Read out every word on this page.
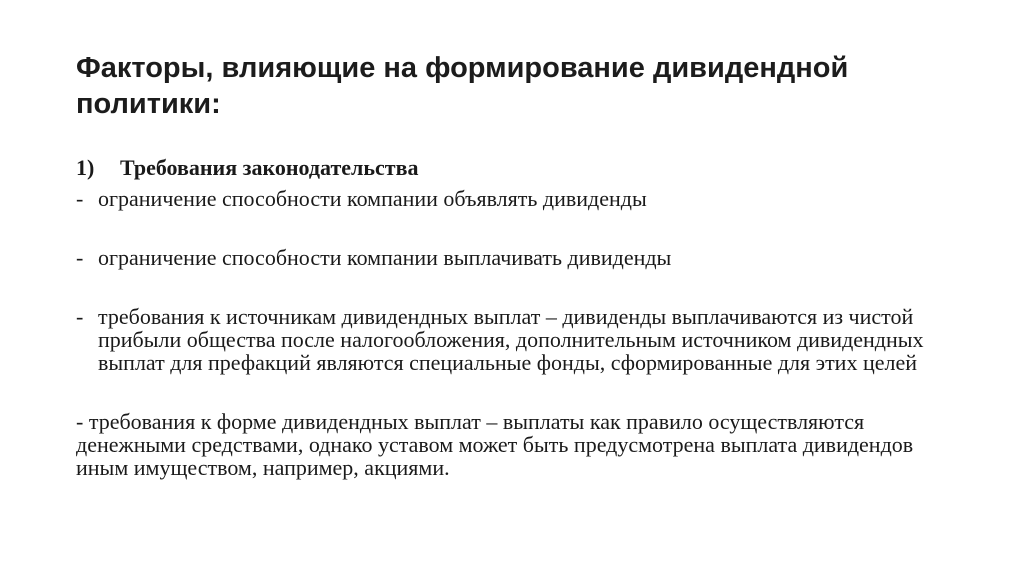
Факторы, влияющие на формирование дивидендной политики:
1)	Требования законодательства
- ограничение способности компании объявлять дивиденды
- ограничение способности компании выплачивать дивиденды
- требования к источникам дивидендных выплат – дивиденды выплачиваются из чистой прибыли общества после налогообложения, дополнительным источником дивидендных выплат для префакций являются специальные фонды, сформированные для этих целей
- требования к форме дивидендных выплат – выплаты как правило осуществляются денежными средствами, однако уставом может быть предусмотрена выплата дивидендов иным имуществом, например, акциями.
